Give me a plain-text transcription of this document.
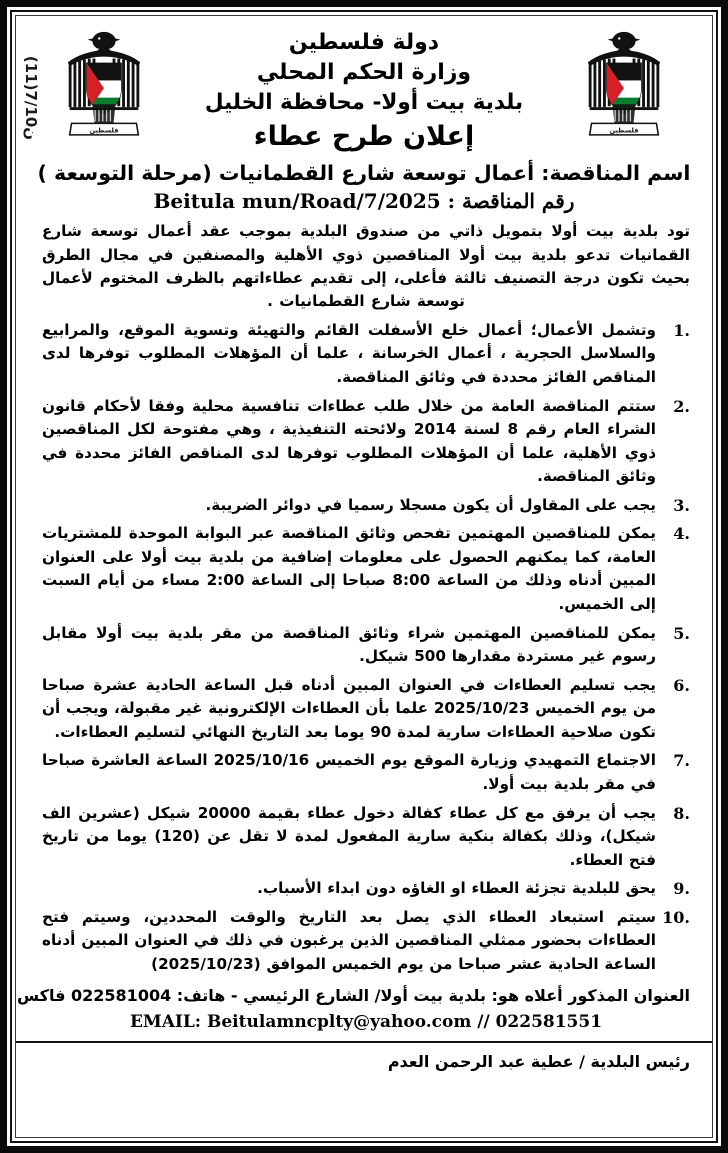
ن7/10(11)	فلسطين	فلسطين
دولة فلسطين
وزارة الحكم المحلي
بلدية بيت أولا- محافظة الخليل
إعلان طرح عطاء
اسم المناقصة: أعمال توسعة شارع القطمانيات (مرحلة التوسعة )
رقم المناقصة : Beitula mun/Road/7/2025

تود بلدية بيت أولا بتمويل ذاتي من صندوق البلدية بموجب عقد أعمال توسعة شارع القمانيات تدعو بلدية بيت أولا المناقصين ذوي الأهلية والمصنفين في مجال الطرق بحيث تكون درجة التصنيف ثالثة فأعلى، إلى تقديم عطاءاتهم بالظرف المختوم لأعمال توسعة شارع القطمانيات .

وتشمل الأعمال؛ أعمال خلع الأسفلت القائم والتهيئة وتسوية الموقع، والمرابيع والسلاسل الحجرية ، أعمال الخرسانة ، علما أن المؤهلات المطلوب توفرها لدى المناقص الفائز محددة في وثائق المناقصة.
ستتم المناقصة العامة من خلال طلب عطاءات تنافسية محلية وفقا لأحكام قانون الشراء العام رقم 8 لسنة 2014 ولائحته التنفيذية ، وهي مفتوحة لكل المناقصين ذوي الأهلية، علما أن المؤهلات المطلوب توفرها لدى المناقص الفائز محددة في وثائق المناقصة.
يجب على المقاول أن يكون مسجلا رسميا في دوائر الضريبة.
يمكن للمناقصين المهتمين تفحص وثائق المناقصة عبر البوابة الموحدة للمشتريات العامة، كما يمكنهم الحصول على معلومات إضافية من بلدية بيت أولا على العنوان المبين أدناه وذلك من الساعة 8:00 صباحا إلى الساعة 2:00 مساء من أيام السبت إلى الخميس.
يمكن للمناقصين المهتمين شراء وثائق المناقصة من مقر بلدية بيت أولا مقابل رسوم غير مستردة مقدارها 500 شيكل.
يجب تسليم العطاءات في العنوان المبين أدناه قبل الساعة الحادية عشرة صباحا من يوم الخميس 2025/10/23 علما بأن العطاءات الإلكترونية غير مقبولة، ويجب أن تكون صلاحية العطاءات سارية لمدة 90 يوما بعد التاريخ النهائي لتسليم العطاءات.
الاجتماع التمهيدي وزيارة الموقع يوم الخميس 2025/10/16 الساعة العاشرة صباحا في مقر بلدية بيت أولا.
يجب أن يرفق مع كل عطاء كفالة دخول عطاء بقيمة 20000 شيكل (عشرين الف شيكل)، وذلك بكفالة بنكية سارية المفعول لمدة لا تقل عن (120) يوما من تاريخ فتح العطاء.
يحق للبلدية تجزئة العطاء او الغاؤه دون ابداء الأسباب.
سيتم استبعاد العطاء الذي يصل بعد التاريخ والوقت المحددين، وسيتم فتح العطاءات بحضور ممثلي المناقصين الذين يرغبون في ذلك في العنوان المبين أدناه الساعة الحادية عشر صباحا من يوم الخميس الموافق (2025/10/23)
العنوان المذكور أعلاه هو: بلدية بيت أولا/ الشارع الرئيسي - هاتف: 022581004 فاكس
EMAIL: Beitulamncplty@yahoo.com // 022581551
رئيس البلدية / عطية عبد الرحمن العدم
